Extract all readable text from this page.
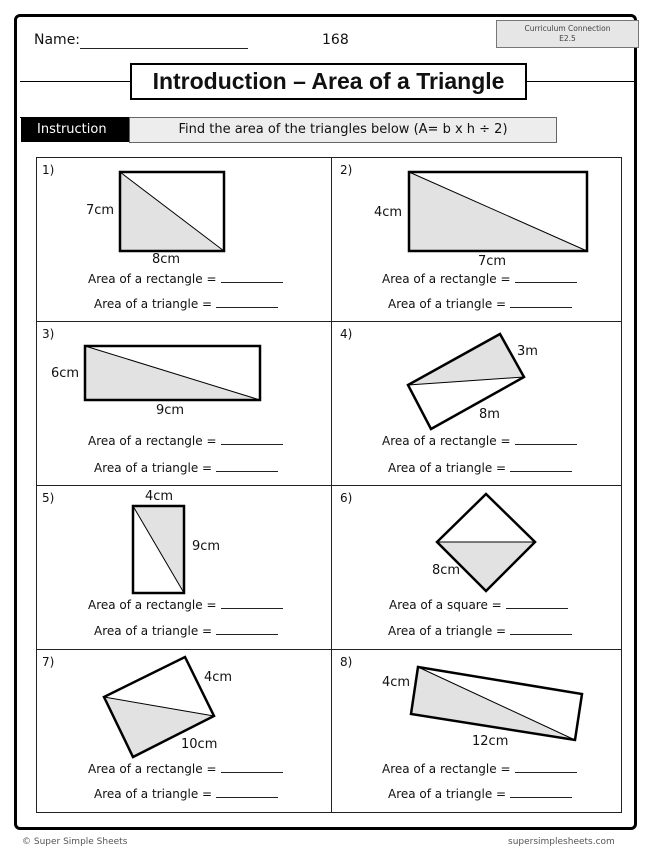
Name:	168
Curriculum Connection
E2.5
Introduction – Area of a Triangle
Instruction	Find the area of the triangles below (A= b x h ÷ 2)
1)
7cm
8cm
Area of a rectangle =
Area of a triangle =
2)
4cm
7cm
Area of a rectangle =
Area of a triangle =
3)
6cm
9cm
Area of a rectangle =
Area of a triangle =
4)
3m
8m
Area of a rectangle =
Area of a triangle =
5)	4cm
9cm
Area of a rectangle =
Area of a triangle =
6)
8cm
Area of a square =
Area of a triangle =
7)
4cm
10cm
Area of a rectangle =
Area of a triangle =
8)
4cm
12cm
Area of a rectangle =
Area of a triangle =
© Super Simple Sheets	supersimplesheets.com
